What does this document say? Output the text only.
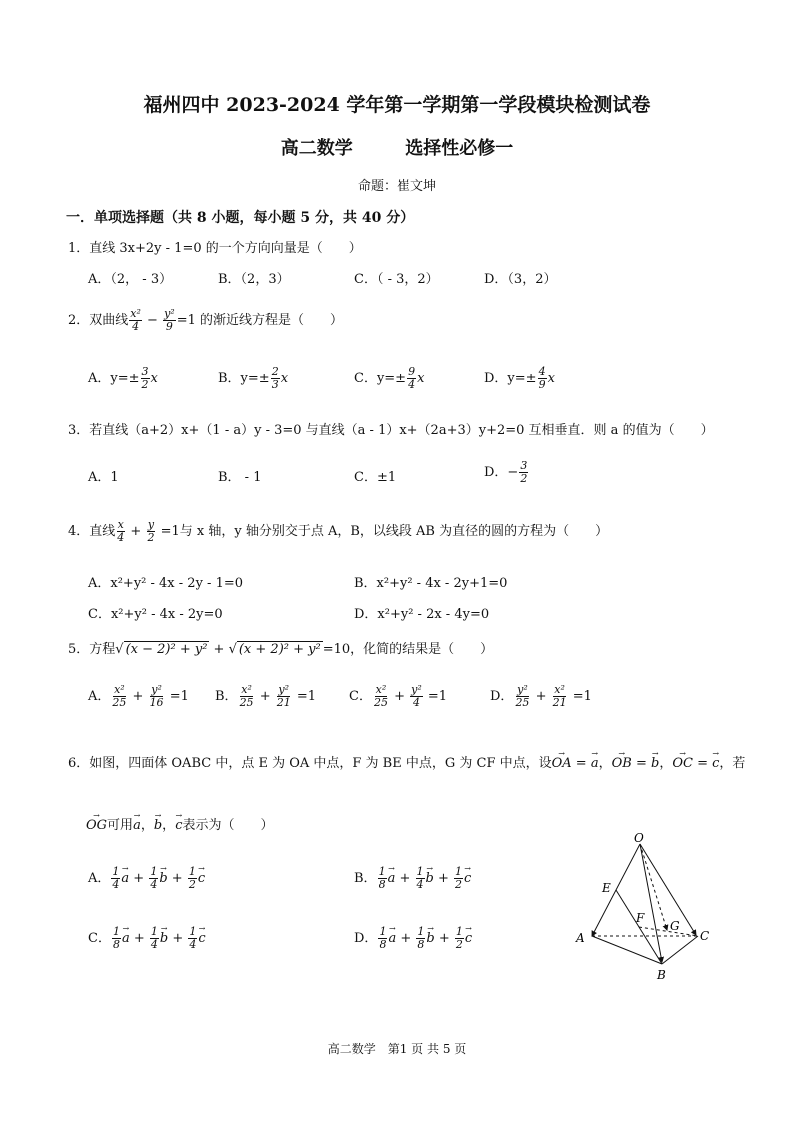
福州四中 2023-2024 学年第一学期第一学段模块检测试卷
高二数学	选择性必修一
命题：崔文坤
一．单项选择题（共 8 小题，每小题 5 分，共 40 分）
1．直线 3x+2y - 1=0 的一个方向向量是（　　）
A．（2， - 3）	B．（2，3）	C．（ - 3，2）	D．（3，2）
2．双曲线 $\frac{\text{x²}}{4} - \frac{\text{y²}}{9} =1$ 的渐近线方程是（　　）
A．$y=\pm \frac{3}{2}$ x	B．$y=\pm \frac{2}{3}$ x	C．$y=\pm \frac{9}{4}$ x	D．$y=\pm \frac{4}{9}$ x
3．若直线（a+2）x+（1 - a）y - 3=0 与直线（a - 1）x+（2a+3）y+2=0 互相垂直．则 a 的值为（　　）
A．1	B． - 1	C．±1	D．− $\frac{3}{2}$
4．直线 $\frac{x}{4} + \frac{y}{2} =1$与 x 轴，y 轴分别交于点 A，B，以线段 AB 为直径的圆的方程为（　　）
A．x²+y² - 4x - 2y - 1=0	B．x²+y² - 4x - 2y+1=0
C．x²+y² - 4x - 2y=0	D．x²+y² - 2x - 4y=0
5．方程√ (x − 2)² + y² + √ (x + 2)² + y² =10，化简的结果是（　　）
A． $\frac{\text{x²}}{25} + \frac{\text{y²}}{16} =1$ B． $\frac{\text{x²}}{25} + \frac{\text{y²}}{21} =1$	C． $\frac{\text{x²}}{25} + \frac{\text{y²}}{4} =1$	D． $\frac{\text{y²}}{25} + \frac{\text{x²}}{21} =1$
6．如图，四面体 OABC 中，点 E 为 OA 中点，F 为 BE 中点，G 为 CF 中点，设→ OA = → a，→ OB = → b，→ OC = → c，若
→ OG可用→ a，→ b，→ c表示为（　　）
A． $\frac{1}{4}$
→ $a + \frac{1}{4}$
→ $b + \frac{1}{2}$
→ c	B． $\frac{1}{8}$
→ $a + \frac{1}{4}$
→ $b + \frac{1}{2}$
→ c
C． $\frac{1}{8}$
→ $a + \frac{1}{4}$
→ $b + \frac{1}{4}$
→ c	D． $\frac{1}{8}$
→ $a + \frac{1}{8}$
→ $b + \frac{1}{2}$
→ c
O
E
F
G
A
B
C
高二数学　第1 页 共 5 页
